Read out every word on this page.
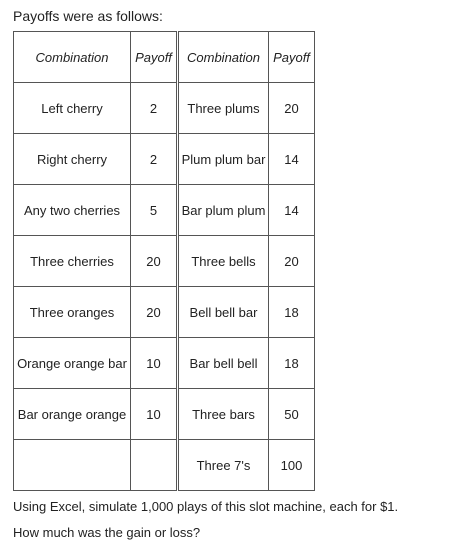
Payoffs were as follows:
Combination	Payoff	Combination	Payoff
Left cherry	2	Three plums	20
Right cherry	2	Plum plum bar	14
Any two cherries	5	Bar plum plum	14
Three cherries	20	Three bells	20
Three oranges	20	Bell bell bar	18
Orange orange bar	10	Bar bell bell	18
Bar orange orange	10	Three bars	50
		Three 7's	100
Using Excel, simulate 1,000 plays of this slot machine, each for $1.
How much was the gain or loss?
